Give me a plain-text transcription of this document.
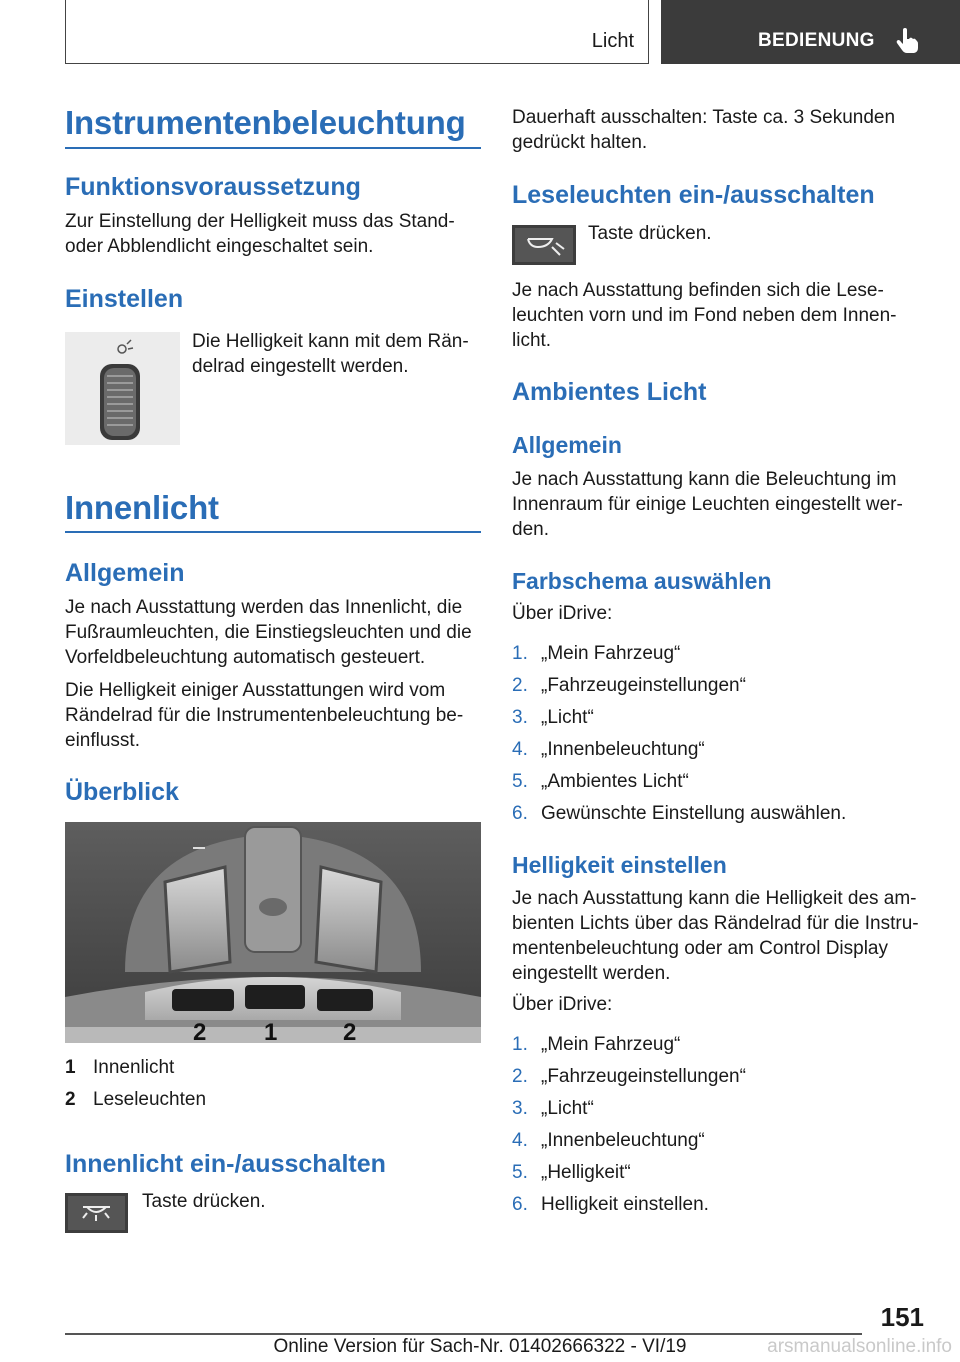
Licht	BEDIENUNG
Instrumentenbeleuchtung
Funktionsvoraussetzung
Zur Einstellung der Helligkeit muss das Stand-
oder Abblendlicht eingeschaltet sein.
Einstellen
Die Helligkeit kann mit dem Rän-
delrad eingestellt werden.
Innenlicht
Allgemein
Je nach Ausstattung werden das Innenlicht, die
Fußraumleuchten, die Einstiegsleuchten und die
Vorfeldbeleuchtung automatisch gesteuert.
Die Helligkeit einiger Ausstattungen wird vom
Rändelrad für die Instrumentenbeleuchtung be-
einflusst.
Überblick
2 1	2
1 Innenlicht
2 Leseleuchten
Innenlicht ein-/ausschalten
Taste drücken.
Dauerhaft ausschalten: Taste ca. 3 Sekunden
gedrückt halten.
Leseleuchten ein-/ausschalten
Taste drücken.
Je nach Ausstattung befinden sich die Lese-
leuchten vorn und im Fond neben dem Innen-
licht.
Ambientes Licht
Allgemein
Je nach Ausstattung kann die Beleuchtung im
Innenraum für einige Leuchten eingestellt wer-
den.
Farbschema auswählen
Über iDrive:
1. „Mein Fahrzeug“
2. „Fahrzeugeinstellungen“
3. „Licht“
4. „Innenbeleuchtung“
5. „Ambientes Licht“
6. Gewünschte Einstellung auswählen.
Helligkeit einstellen
Je nach Ausstattung kann die Helligkeit des am-
bienten Lichts über das Rändelrad für die Instru-
mentenbeleuchtung oder am Control Display
eingestellt werden.
Über iDrive:
1. „Mein Fahrzeug“
2. „Fahrzeugeinstellungen“
3. „Licht“
4. „Innenbeleuchtung“
5. „Helligkeit“
6. Helligkeit einstellen.
151
Online Version für Sach-Nr. 01402666322 - VI/19	arsmanualsonline.info
